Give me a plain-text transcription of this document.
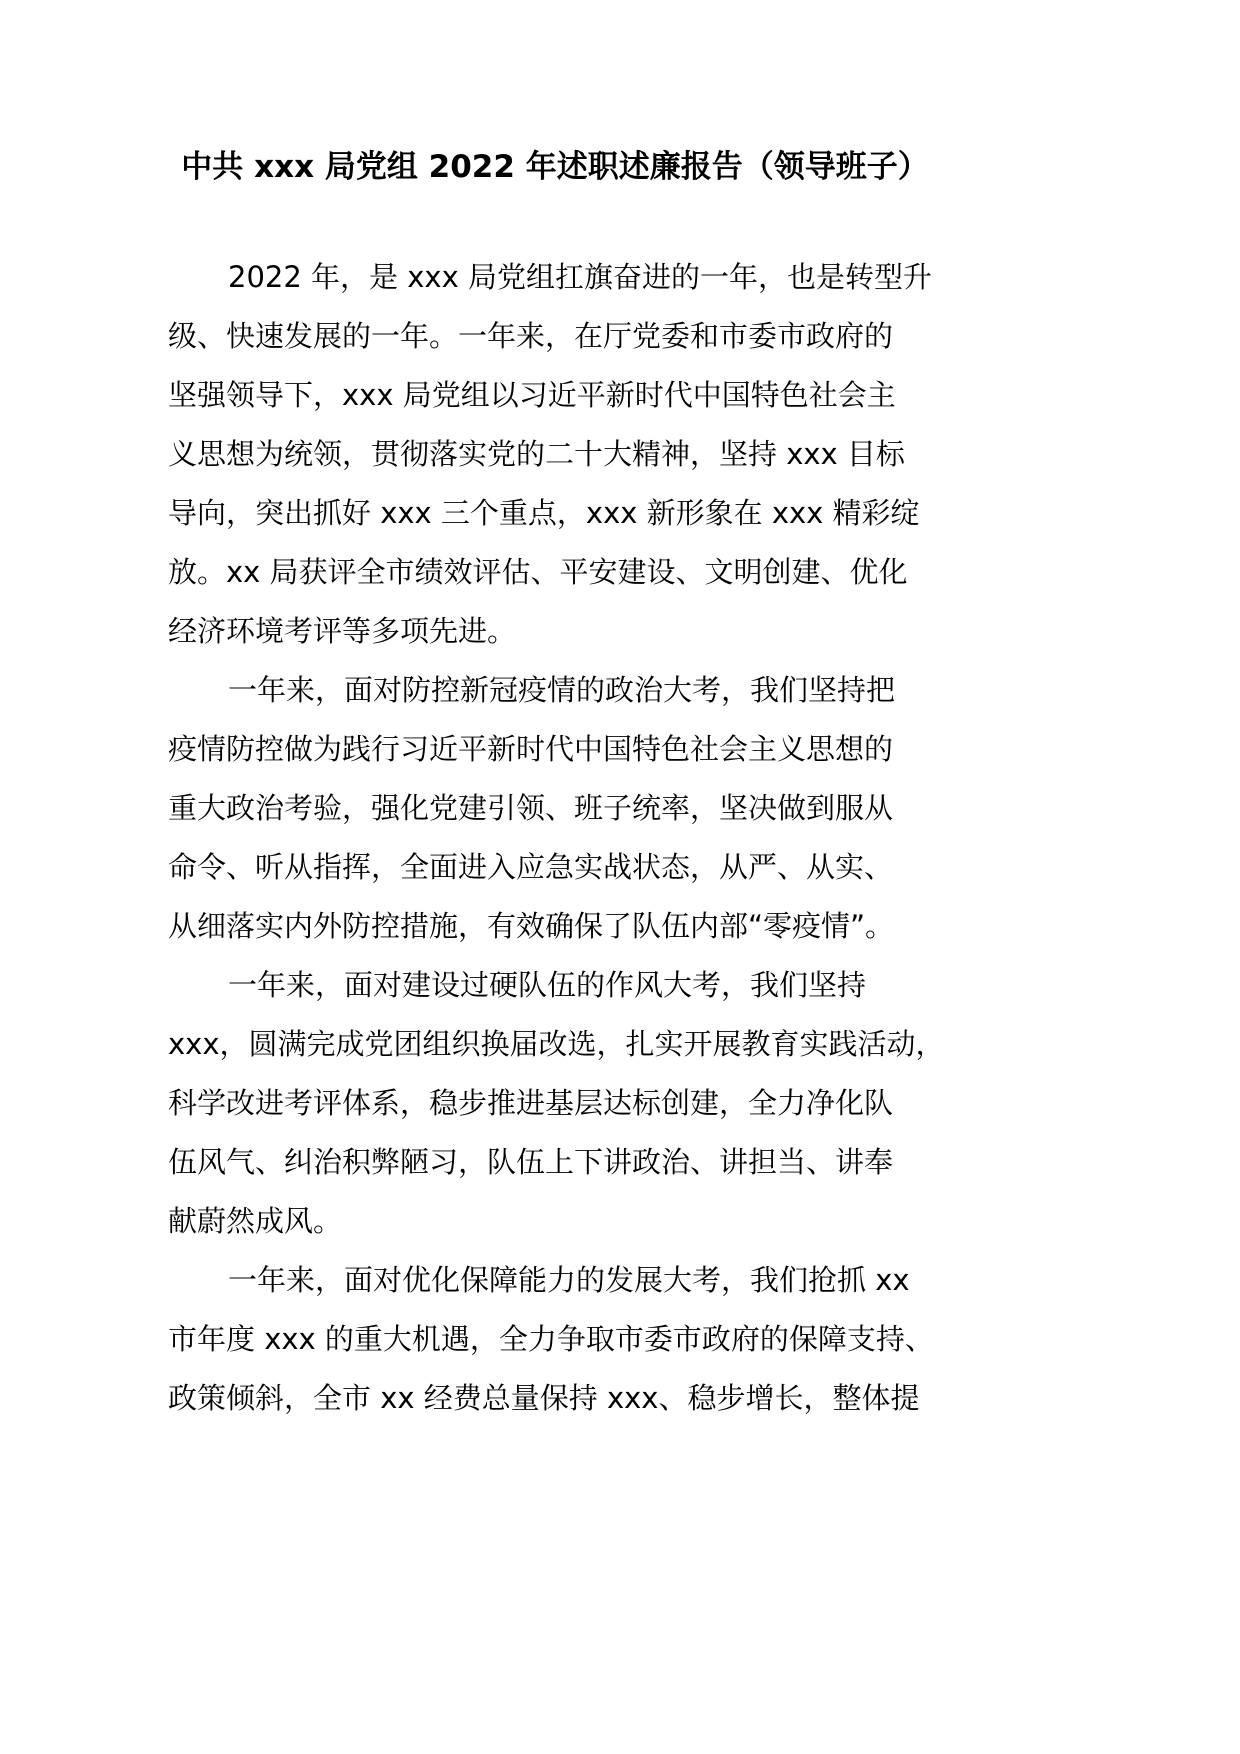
中共 xxx 局党组 2022 年述职述廉报告（领导班子）
2022 年，是 xxx 局党组扛旗奋进的一年，也是转型升
级、快速发展的一年。一年来，在厅党委和市委市政府的
坚强领导下，xxx 局党组以习近平新时代中国特色社会主
义思想为统领，贯彻落实党的二十大精神，坚持 xxx 目标
导向，突出抓好 xxx 三个重点，xxx 新形象在 xxx 精彩绽
放。xx 局获评全市绩效评估、平安建设、文明创建、优化
经济环境考评等多项先进。
一年来，面对防控新冠疫情的政治大考，我们坚持把
疫情防控做为践行习近平新时代中国特色社会主义思想的
重大政治考验，强化党建引领、班子统率，坚决做到服从
命令、听从指挥，全面进入应急实战状态，从严、从实、
从细落实内外防控措施，有效确保了队伍内部“零疫情”。
一年来，面对建设过硬队伍的作风大考，我们坚持
xxx，圆满完成党团组织换届改选，扎实开展教育实践活动，
科学改进考评体系，稳步推进基层达标创建，全力净化队
伍风气、纠治积弊陋习，队伍上下讲政治、讲担当、讲奉
献蔚然成风。
一年来，面对优化保障能力的发展大考，我们抢抓 xx
市年度 xxx 的重大机遇，全力争取市委市政府的保障支持、
政策倾斜，全市 xx 经费总量保持 xxx、稳步增长，整体提
